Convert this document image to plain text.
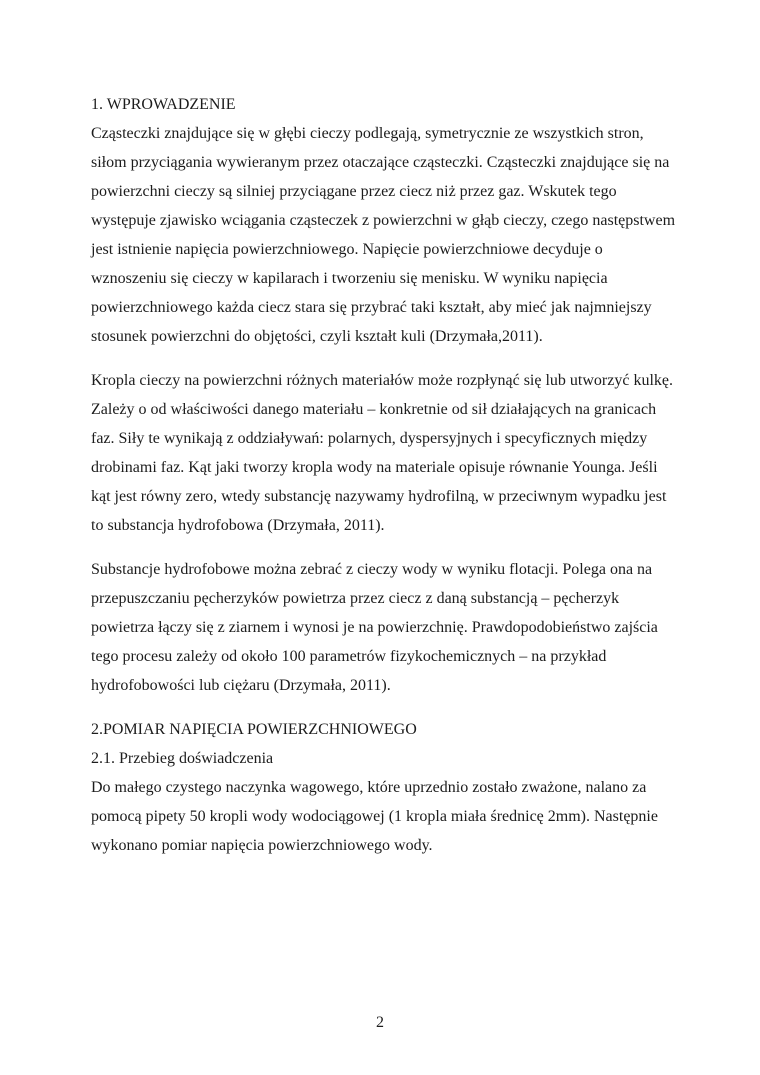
1. WPROWADZENIE

Cząsteczki znajdujące się w głębi cieczy podlegają, symetrycznie ze wszystkich stron, siłom przyciągania wywieranym przez otaczające cząsteczki. Cząsteczki znajdujące się na powierzchni cieczy są silniej przyciągane przez ciecz niż przez gaz. Wskutek tego występuje zjawisko wciągania cząsteczek z powierzchni w głąb cieczy, czego następstwem jest istnienie napięcia powierzchniowego. Napięcie powierzchniowe decyduje o wznoszeniu się cieczy w kapilarach i tworzeniu się menisku. W wyniku napięcia powierzchniowego każda ciecz stara się przybrać taki kształt, aby mieć jak najmniejszy stosunek powierzchni do objętości, czyli kształt kuli (Drzymała,2011).

Kropla cieczy na powierzchni różnych materiałów może rozpłynąć się lub utworzyć kulkę. Zależy o od właściwości danego materiału – konkretnie od sił działających na granicach faz. Siły te wynikają z oddziaływań: polarnych, dyspersyjnych i specyficznych między drobinami faz. Kąt jaki tworzy kropla wody na materiale opisuje równanie Younga. Jeśli kąt jest równy zero, wtedy substancję nazywamy hydrofilną, w przeciwnym wypadku jest to substancja hydrofobowa (Drzymała, 2011).

Substancje hydrofobowe można zebrać z cieczy wody w wyniku flotacji. Polega ona na przepuszczaniu pęcherzyków powietrza przez ciecz z daną substancją – pęcherzyk powietrza łączy się z ziarnem i wynosi je na powierzchnię. Prawdopodobieństwo zajścia tego procesu zależy od około 100 parametrów fizykochemicznych – na przykład hydrofobowości lub ciężaru (Drzymała, 2011).

2.POMIAR NAPIĘCIA POWIERZCHNIOWEGO
2.1. Przebieg doświadczenia

Do małego czystego naczynka wagowego, które uprzednio zostało zważone, nalano za pomocą pipety 50 kropli wody wodociągowej (1 kropla miała średnicę 2mm). Następnie wykonano pomiar napięcia powierzchniowego wody.

2
